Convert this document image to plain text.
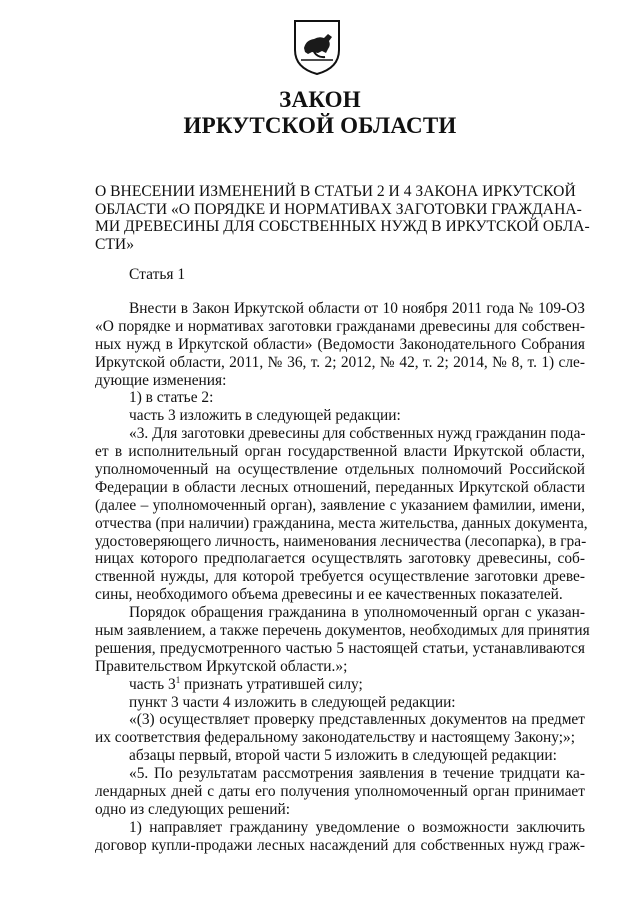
ЗАКОН
ИРКУТСКОЙ ОБЛАСТИ
О ВНЕСЕНИИ ИЗМЕНЕНИЙ В СТАТЬИ 2 И 4 ЗАКОНА ИРКУТСКОЙ
ОБЛАСТИ «О ПОРЯДКЕ И НОРМАТИВАХ ЗАГОТОВКИ ГРАЖДАНА-
МИ ДРЕВЕСИНЫ ДЛЯ СОБСТВЕННЫХ НУЖД В ИРКУТСКОЙ ОБЛА-
СТИ»
Статья 1
Внести в Закон Иркутской области от 10 ноября 2011 года № 109-ОЗ
«О порядке и нормативах заготовки гражданами древесины для собствен-
ных нужд в Иркутской области» (Ведомости Законодательного Собрания
Иркутской области, 2011, № 36, т. 2; 2012, № 42, т. 2; 2014, № 8, т. 1) сле-
дующие изменения:
1) в статье 2:
часть 3 изложить в следующей редакции:
«3. Для заготовки древесины для собственных нужд гражданин пода-
ет в исполнительный орган государственной власти Иркутской области,
уполномоченный на осуществление отдельных полномочий Российской
Федерации в области лесных отношений, переданных Иркутской области
(далее – уполномоченный орган), заявление с указанием фамилии, имени,
отчества (при наличии) гражданина, места жительства, данных документа,
удостоверяющего личность, наименования лесничества (лесопарка), в гра-
ницах которого предполагается осуществлять заготовку древесины, соб-
ственной нужды, для которой требуется осуществление заготовки древе-
сины, необходимого объема древесины и ее качественных показателей.
Порядок обращения гражданина в уполномоченный орган с указан-
ным заявлением, а также перечень документов, необходимых для принятия
решения, предусмотренного частью 5 настоящей статьи, устанавливаются
Правительством Иркутской области.»;
часть $3^1$ признать утратившей силу;
пункт 3 части 4 изложить в следующей редакции:
«(3) осуществляет проверку представленных документов на предмет
их соответствия федеральному законодательству и настоящему Закону;»;
абзацы первый, второй части 5 изложить в следующей редакции:
«5. По результатам рассмотрения заявления в течение тридцати ка-
лендарных дней с даты его получения уполномоченный орган принимает
одно из следующих решений:
1) направляет гражданину уведомление о возможности заключить
договор купли-продажи лесных насаждений для собственных нужд граж-
